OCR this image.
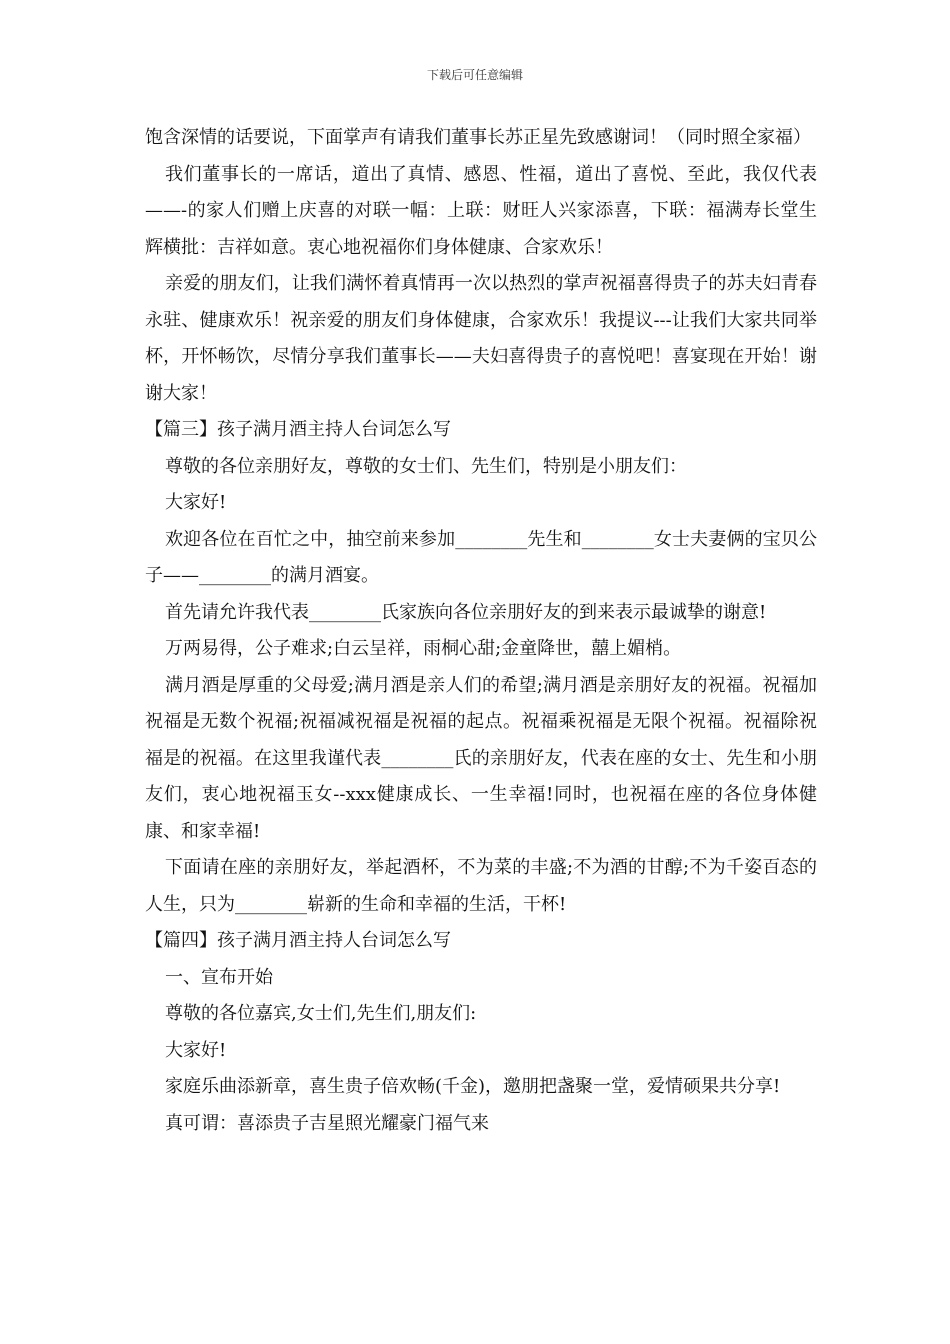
下载后可任意编辑

饱含深情的话要说，下面掌声有请我们董事长苏正星先致感谢词！（同时照全家福）

我们董事长的一席话，道出了真情、感恩、性福，道出了喜悦、至此，我仅代表——-的家人们赠上庆喜的对联一幅：上联：财旺人兴家添喜，下联：福满寿长堂生辉横批：吉祥如意。衷心地祝福你们身体健康、合家欢乐！

亲爱的朋友们，让我们满怀着真情再一次以热烈的掌声祝福喜得贵子的苏夫妇青春永驻、健康欢乐！祝亲爱的朋友们身体健康，合家欢乐！我提议---让我们大家共同举杯，开怀畅饮，尽情分享我们董事长——夫妇喜得贵子的喜悦吧！喜宴现在开始！谢谢大家！

【篇三】孩子满月酒主持人台词怎么写

尊敬的各位亲朋好友，尊敬的女士们、先生们，特别是小朋友们：

大家好!

欢迎各位在百忙之中，抽空前来参加________先生和________女士夫妻俩的宝贝公子——________的满月酒宴。

首先请允许我代表________氏家族向各位亲朋好友的到来表示最诚挚的谢意!

万两易得，公子难求;白云呈祥，雨桐心甜;金童降世，囍上媚梢。

满月酒是厚重的父母爱;满月酒是亲人们的希望;满月酒是亲朋好友的祝福。祝福加祝福是无数个祝福;祝福减祝福是祝福的起点。祝福乘祝福是无限个祝福。祝福除祝福是的祝福。在这里我谨代表________氏的亲朋好友，代表在座的女士、先生和小朋友们，衷心地祝福玉女--xxx健康成长、一生幸福!同时，也祝福在座的各位身体健康、和家幸福!

下面请在座的亲朋好友，举起酒杯，不为菜的丰盛;不为酒的甘醇;不为千姿百态的人生，只为________崭新的生命和幸福的生活，干杯!

【篇四】孩子满月酒主持人台词怎么写

一、宣布开始

尊敬的各位嘉宾,女士们,先生们,朋友们:

大家好!

家庭乐曲添新章，喜生贵子倍欢畅(千金)，邀朋把盏聚一堂，爱情硕果共分享!

真可谓：喜添贵子吉星照光耀豪门福气来
